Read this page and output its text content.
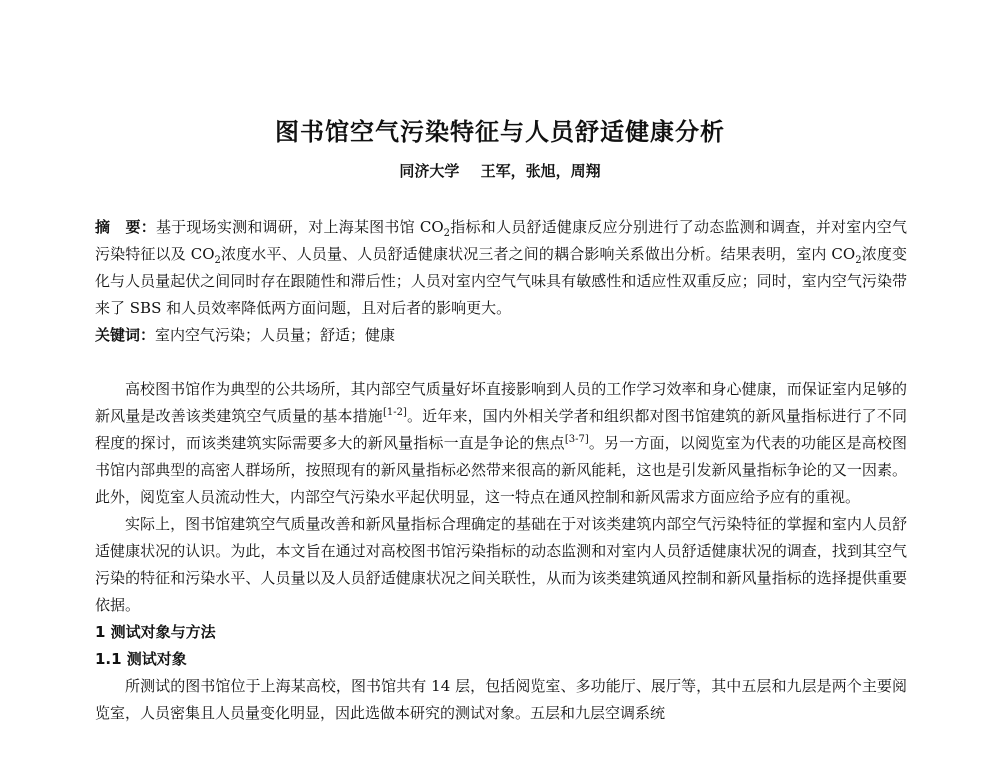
图书馆空气污染特征与人员舒适健康分析
同济大学 王军，张旭，周翔
摘　要：基于现场实测和调研，对上海某图书馆 $CO_2$指标和人员舒适健康反应分别进行了动态监测和调查，并对室内空气污染特征以及 $CO_2$浓度水平、人员量、人员舒适健康状况三者之间的耦合影响关系做出分析。结果表明，室内 $CO_2$浓度变化与人员量起伏之间同时存在跟随性和滞后性；人员对室内空气气味具有敏感性和适应性双重反应；同时，室内空气污染带来了 SBS 和人员效率降低两方面问题，且对后者的影响更大。
关键词：室内空气污染；人员量；舒适；健康

高校图书馆作为典型的公共场所，其内部空气质量好坏直接影响到人员的工作学习效率和身心健康，而保证室内足够的新风量是改善该类建筑空气质量的基本措施[1-2]。近年来，国内外相关学者和组织都对图书馆建筑的新风量指标进行了不同程度的探讨，而该类建筑实际需要多大的新风量指标一直是争论的焦点[3-7]。另一方面，以阅览室为代表的功能区是高校图书馆内部典型的高密人群场所，按照现有的新风量指标必然带来很高的新风能耗，这也是引发新风量指标争论的又一因素。此外，阅览室人员流动性大，内部空气污染水平起伏明显，这一特点在通风控制和新风需求方面应给予应有的重视。

实际上，图书馆建筑空气质量改善和新风量指标合理确定的基础在于对该类建筑内部空气污染特征的掌握和室内人员舒适健康状况的认识。为此，本文旨在通过对高校图书馆污染指标的动态监测和对室内人员舒适健康状况的调查，找到其空气污染的特征和污染水平、人员量以及人员舒适健康状况之间关联性，从而为该类建筑通风控制和新风量指标的选择提供重要依据。

1 测试对象与方法
1.1 测试对象

所测试的图书馆位于上海某高校，图书馆共有 14 层，包括阅览室、多功能厅、展厅等，其中五层和九层是两个主要阅览室，人员密集且人员量变化明显，因此选做本研究的测试对象。五层和九层空调系统
